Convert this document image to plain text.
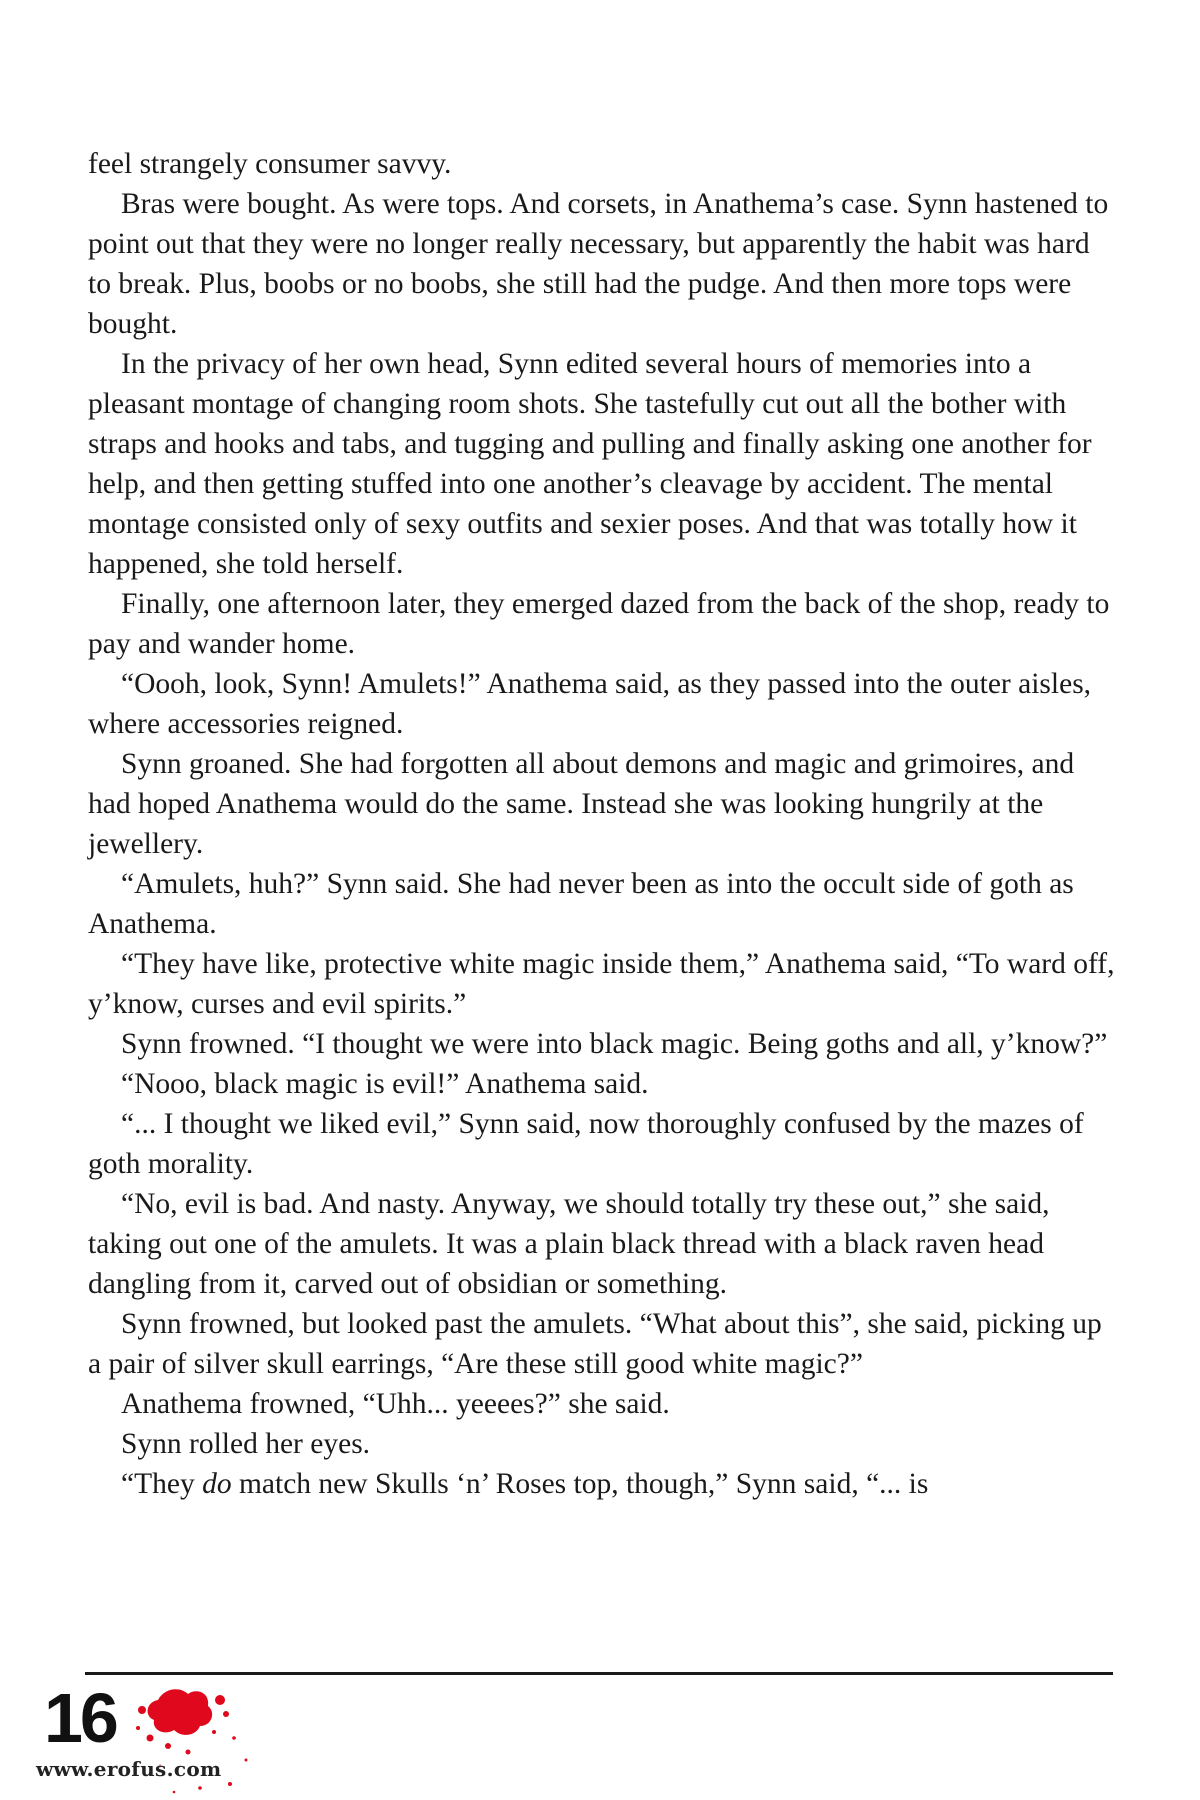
feel strangely consumer savvy.

Bras were bought. As were tops. And corsets, in Anathema’s case. Synn hastened to point out that they were no longer really necessary, but apparently the habit was hard to break. Plus, boobs or no boobs, she still had the pudge. And then more tops were bought.

In the privacy of her own head, Synn edited several hours of memories into a pleasant montage of changing room shots. She tastefully cut out all the bother with straps and hooks and tabs, and tugging and pulling and finally asking one another for help, and then getting stuffed into one another’s cleavage by accident. The mental montage consisted only of sexy outfits and sexier poses. And that was totally how it happened, she told herself.

Finally, one afternoon later, they emerged dazed from the back of the shop, ready to pay and wander home.

“Oooh, look, Synn! Amulets!” Anathema said, as they passed into the outer aisles, where accessories reigned.

Synn groaned. She had forgotten all about demons and magic and grimoires, and had hoped Anathema would do the same. Instead she was looking hungrily at the jewellery.

“Amulets, huh?” Synn said. She had never been as into the occult side of goth as Anathema.

“They have like, protective white magic inside them,” Anathema said, “To ward off, y’know, curses and evil spirits.”

Synn frowned. “I thought we were into black magic. Being goths and all, y’know?”

“Nooo, black magic is evil!” Anathema said.

“... I thought we liked evil,” Synn said, now thoroughly confused by the mazes of goth morality.

“No, evil is bad. And nasty. Anyway, we should totally try these out,” she said, taking out one of the amulets. It was a plain black thread with a black raven head dangling from it, carved out of obsidian or something.

Synn frowned, but looked past the amulets. “What about this”, she said, picking up a pair of silver skull earrings, “Are these still good white magic?”

Anathema frowned, “Uhh... yeeees?” she said.

Synn rolled her eyes.

“They do match new Skulls ‘n’ Roses top, though,” Synn said, “... is

16
www.erofus.com
